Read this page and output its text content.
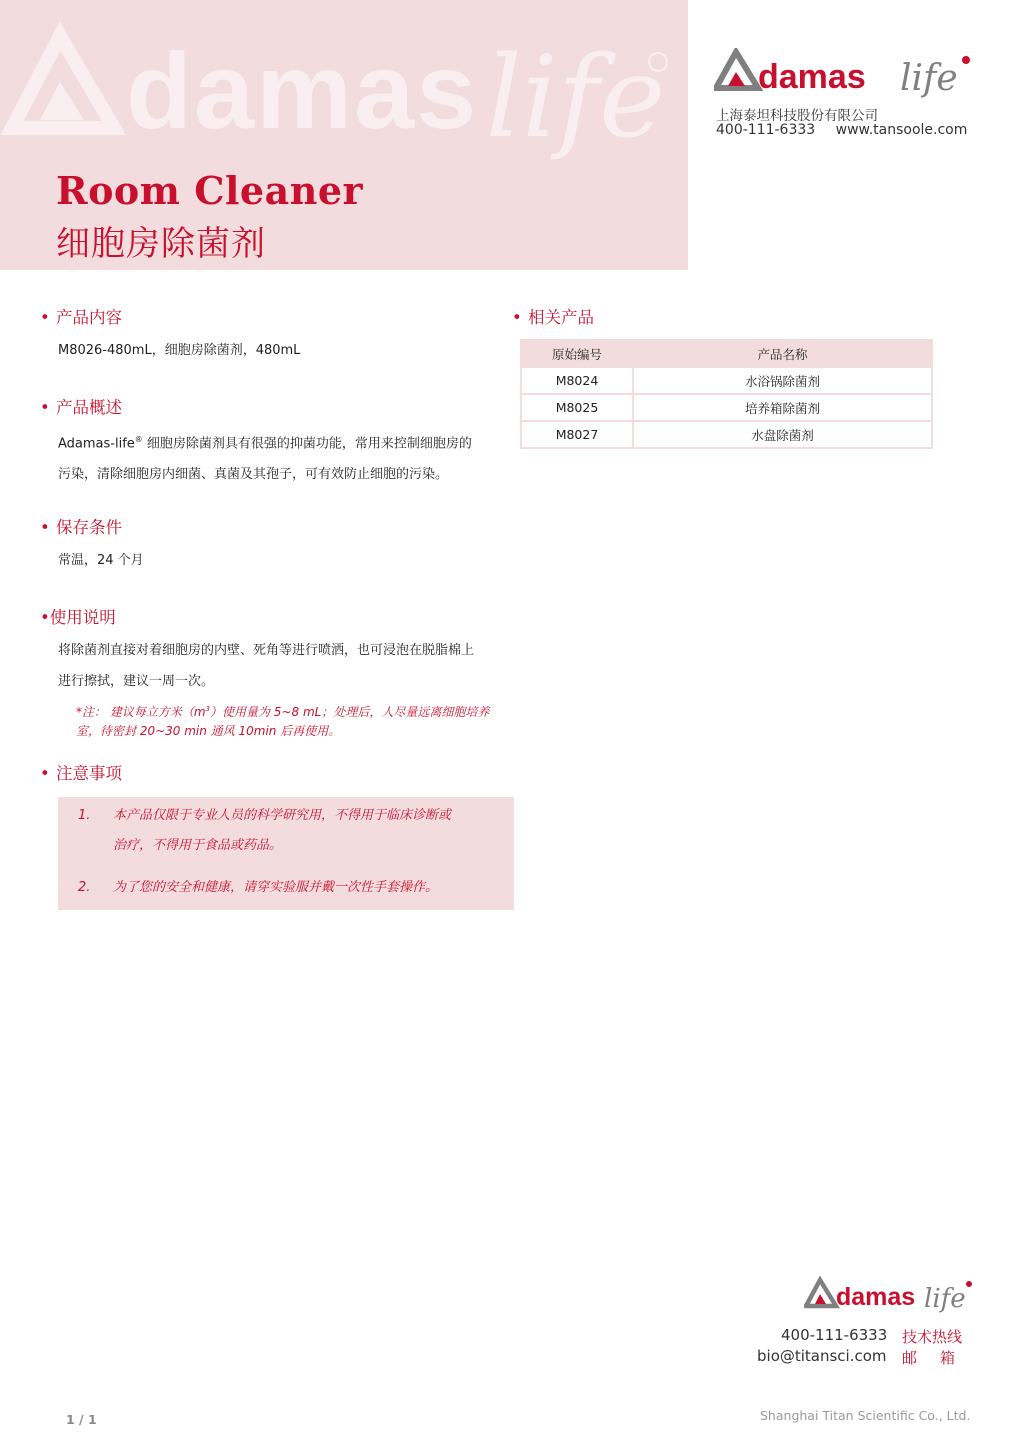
damas life
Room Cleaner
细胞房除菌剂
damas life
上海泰坦科技股份有限公司
400-111-6333 www.tansoole.com
• 产品内容
M8026-480mL，细胞房除菌剂，480mL
• 产品概述
Adamas-life® 细胞房除菌剂具有很强的抑菌功能，常用来控制细胞房的
污染，清除细胞房内细菌、真菌及其孢子，可有效防止细胞的污染。
• 保存条件
常温，24 个月
•使用说明
将除菌剂直接对着细胞房的内壁、死角等进行喷洒，也可浸泡在脱脂棉上
进行擦拭，建议一周一次。
*注： 建议每立方米$(m^3)$使用量为 5~8 mL；处理后，人尽量远离细胞培养
室，待密封 20~30 min 通风 10min 后再使用。
• 注意事项
1. 本产品仅限于专业人员的科学研究用，不得用于临床诊断或
治疗，不得用于食品或药品。
2. 为了您的安全和健康，请穿实验服并戴一次性手套操作。
• 相关产品
原始编号	产品名称
M8024	水浴锅除菌剂
M8025	培养箱除菌剂
M8027	水盘除菌剂
damas life
400-111-6333 技术热线
bio@titansci.com 邮箱
1 / 1	Shanghai Titan Scientific Co., Ltd.
